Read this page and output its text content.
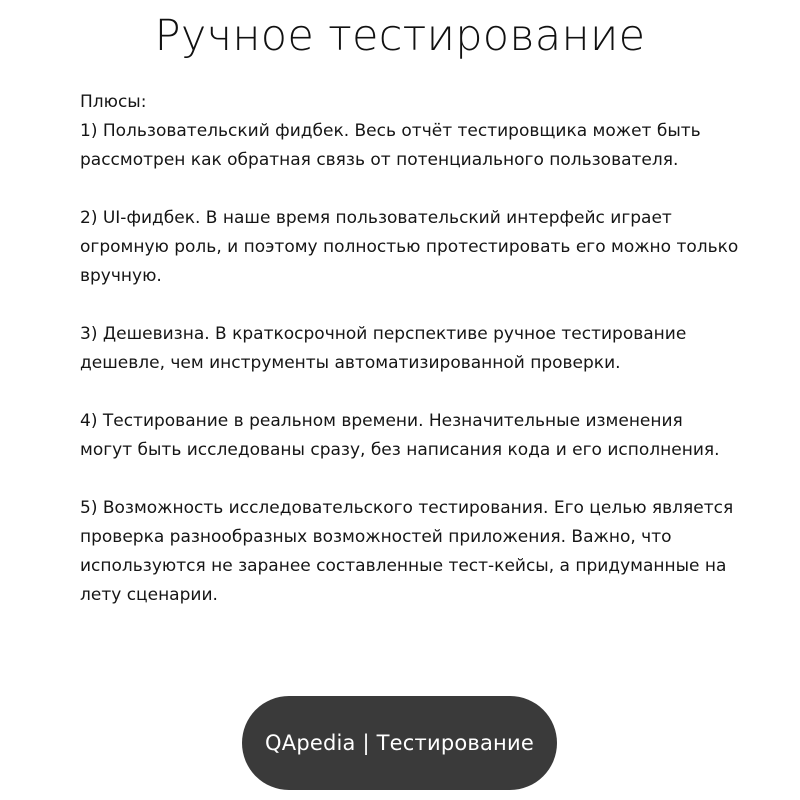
Ручное тестирование

Плюсы:

1) Пользовательский фидбек. Весь отчёт тестировщика может быть рассмотрен как обратная связь от потенциального пользователя.

2) UI-фидбек. В наше время пользовательский интерфейс играет огромную роль, и поэтому полностью протестировать его можно только вручную.

3) Дешевизна. В краткосрочной перспективе ручное тестирование дешевле, чем инструменты автоматизированной проверки.

4) Тестирование в реальном времени. Незначительные изменения могут быть исследованы сразу, без написания кода и его исполнения.

5) Возможность исследовательского тестирования. Его целью является проверка разнообразных возможностей приложения. Важно, что используются не заранее составленные тест-кейсы, а придуманные на лету сценарии.

QApedia | Тестирование
